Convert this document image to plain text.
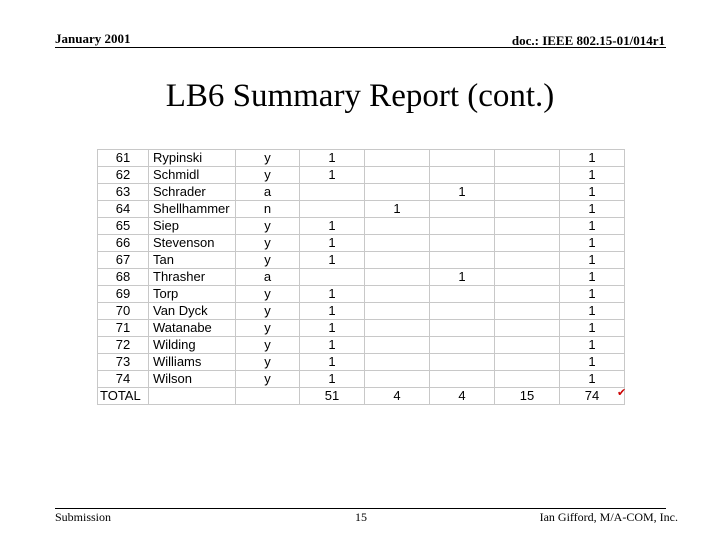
January 2001	doc.: IEEE 802.15-01/014r1
LB6 Summary Report (cont.)
61	Rypinski	y	1				1
62	Schmidl	y	1				1
63	Schrader	a			1		1
64	Shellhammer	n		1			1
65	Siep	y	1				1
66	Stevenson	y	1				1
67	Tan	y	1				1
68	Thrasher	a			1		1
69	Torp	y	1				1
70	Van Dyck	y	1				1
71	Watanabe	y	1				1
72	Wilding	y	1				1
73	Williams	y	1				1
74	Wilson	y	1				1
TOTAL			51	4	4	15	74 ✔
Submission	15	Ian Gifford, M/A-COM, Inc.
